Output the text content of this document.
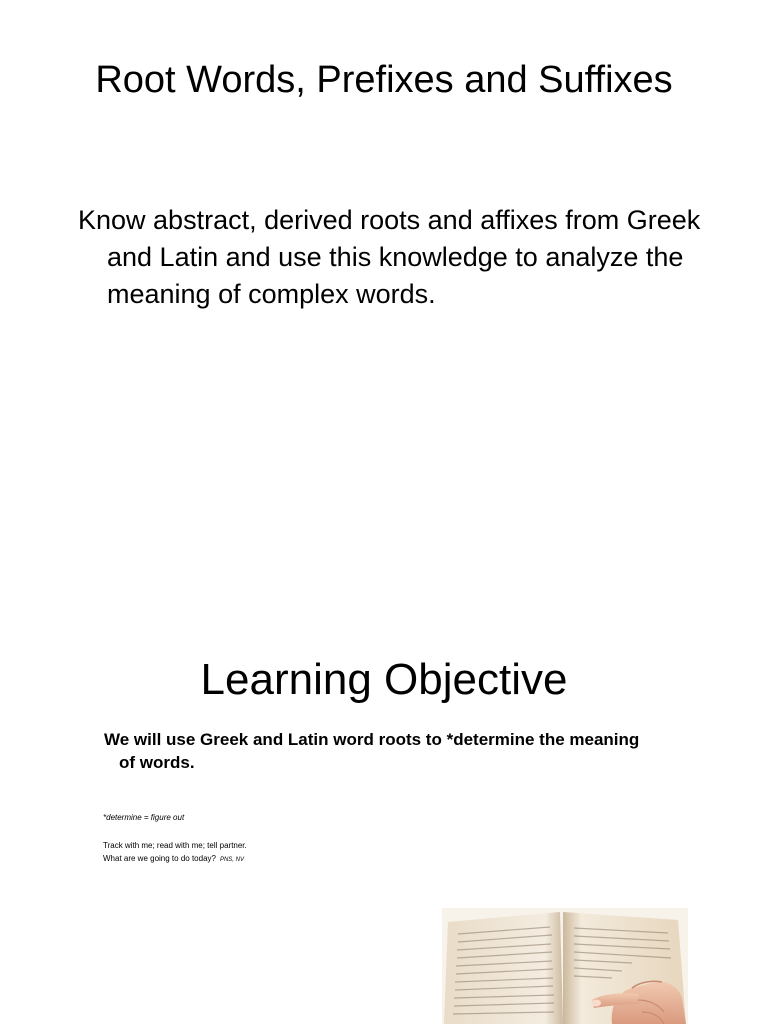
Root Words, Prefixes and Suffixes

Know abstract, derived roots and affixes from Greek and Latin and use this knowledge to analyze the meaning of complex words.

Learning Objective

We will use Greek and Latin word roots to *determine the meaning of words.

*determine = figure out

Track with me; read with me; tell partner.

What are we going to do today? PNS, NV
